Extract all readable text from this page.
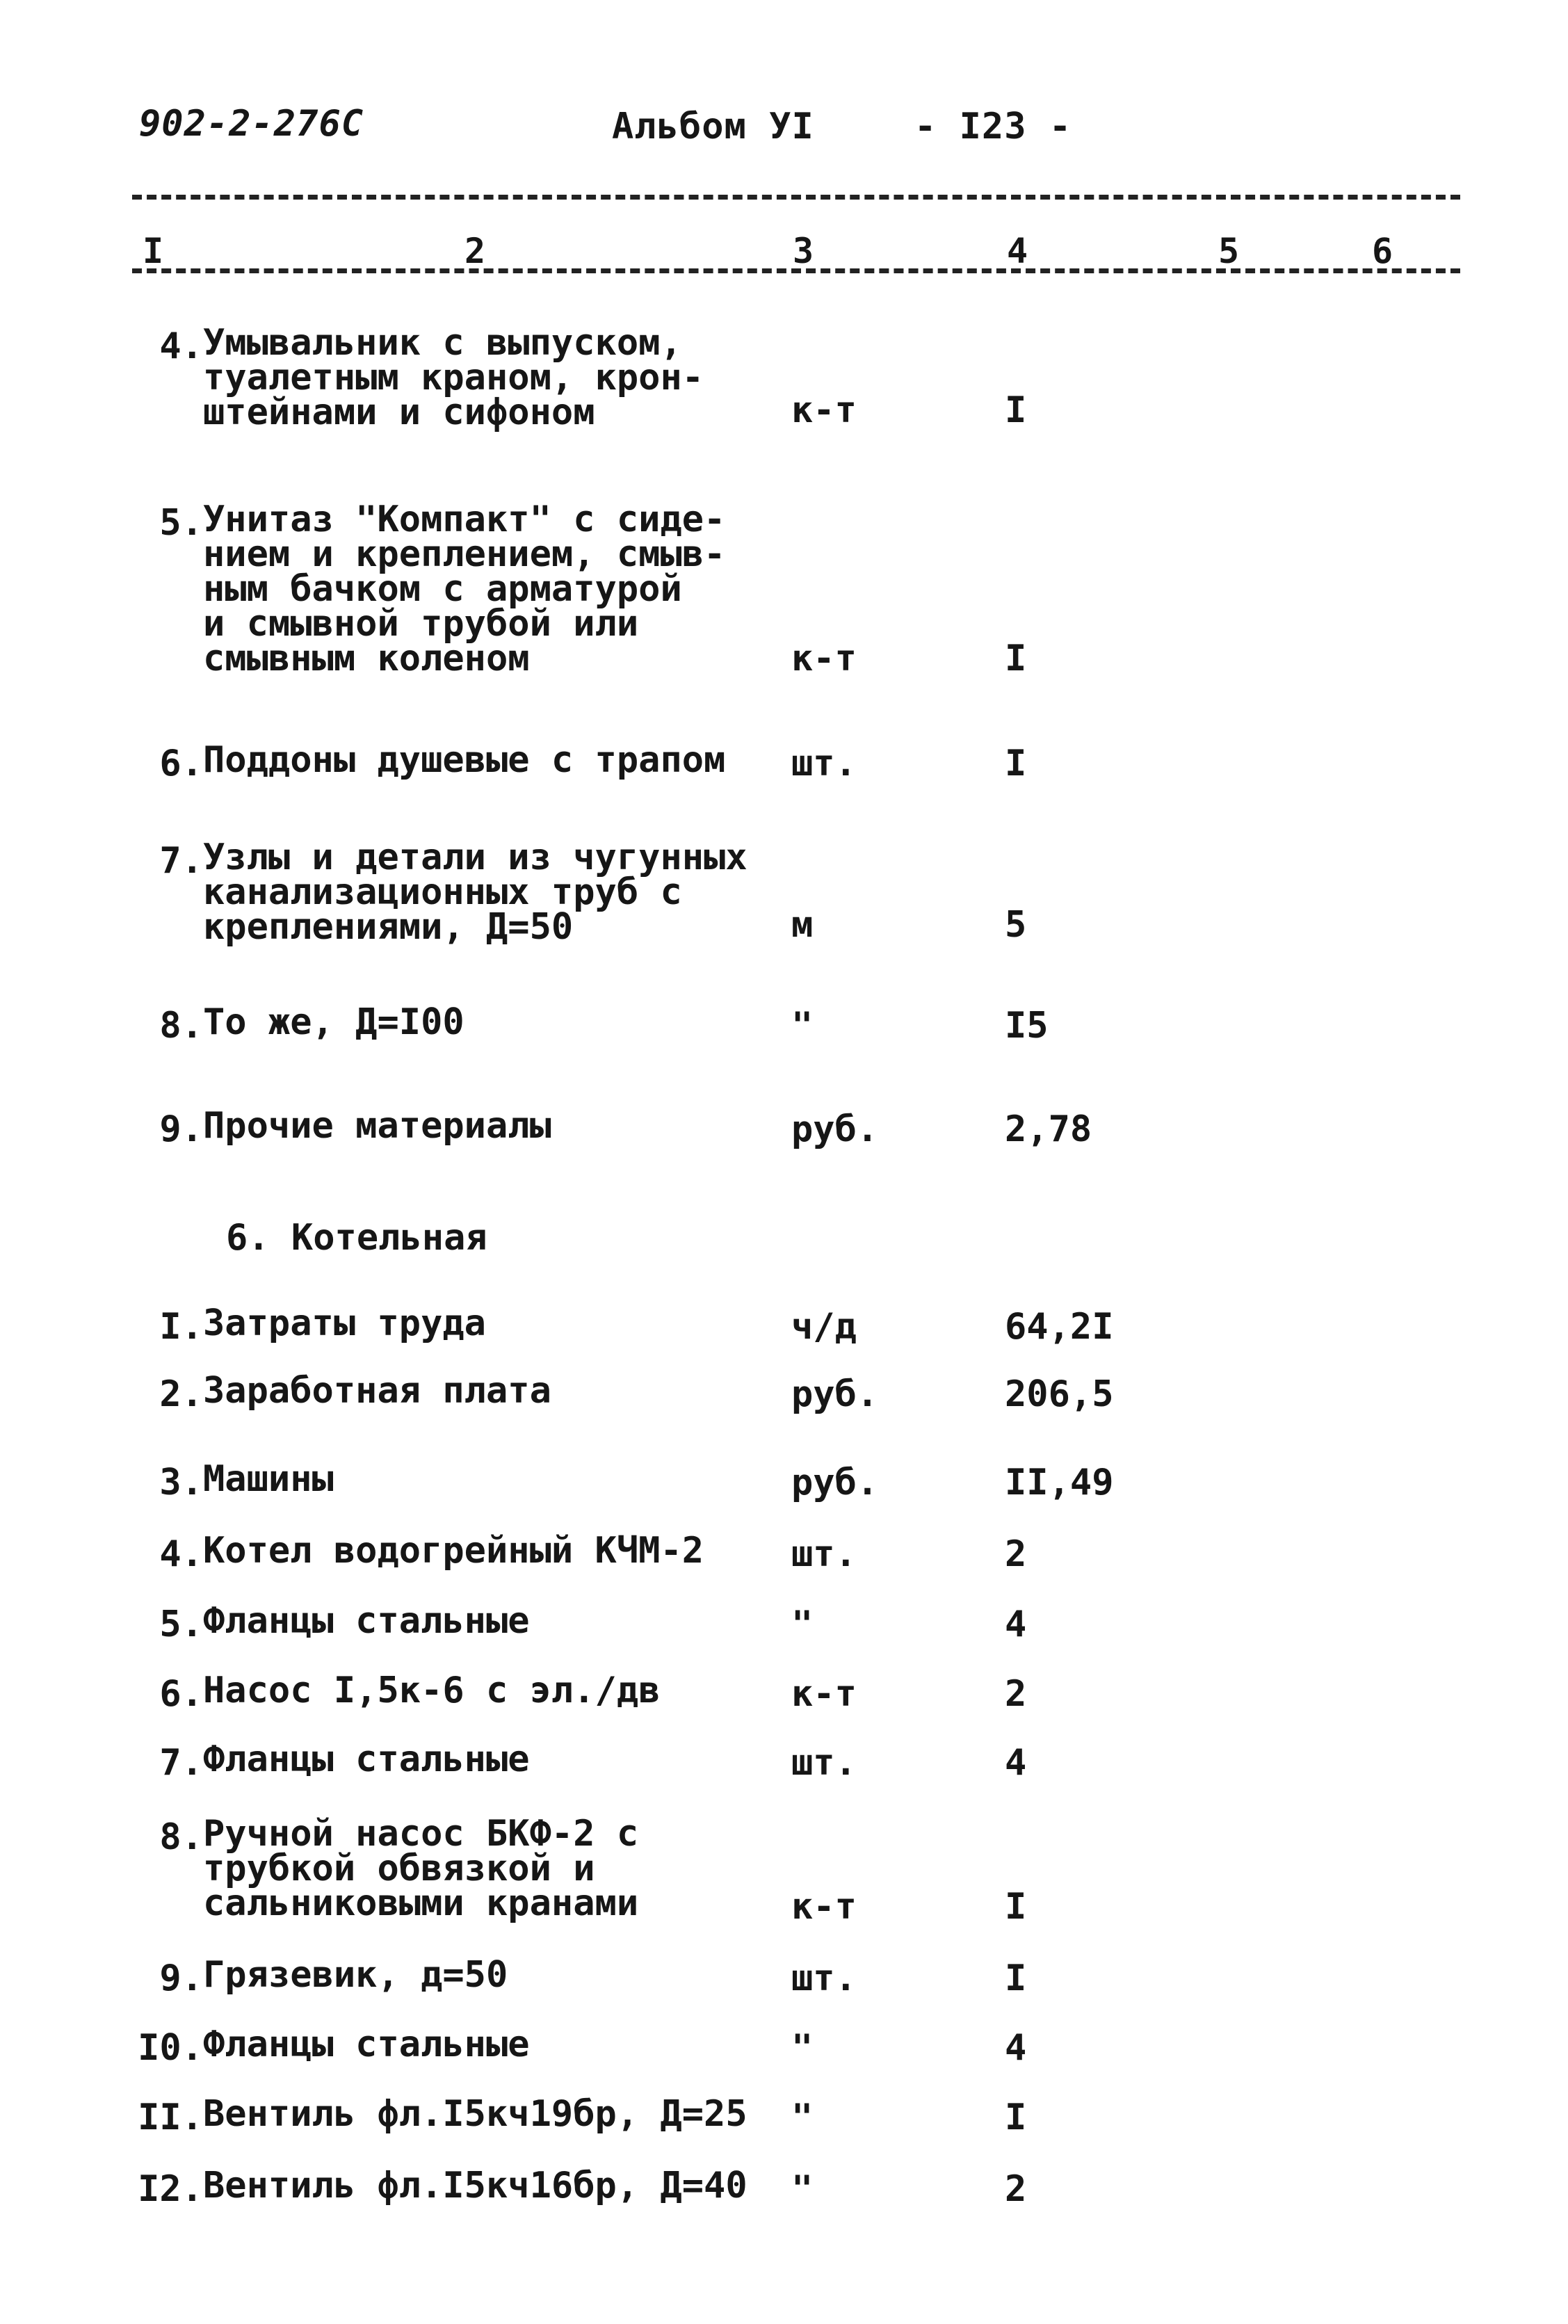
902-2-276С	Альбом УI	- I23 -
I	2	3	4	5	6
4. Умывальник с выпуском,
туалетным краном, крон-
штейнами и сифоном	к-т	I
5. Унитаз "Компакт" с сиде-
нием и креплением, смыв-
ным бачком с арматурой
и смывной трубой или
смывным коленом	к-т	I
6. Поддоны душевые с трапом	шт.	I
7. Узлы и детали из чугунных
канализационных труб с
креплениями, Д=50	м	5
8. То же, Д=I00	"	I5
9. Прочие материалы	руб.	2,78
6. Котельная
I. Затраты труда	ч/д	64,2I
2. Заработная плата	руб.	206,5
3. Машины	руб.	II,49
4. Котел водогрейный КЧМ-2	шт.	2
5. Фланцы стальные	"	4
6. Насос I,5к-6 с эл./дв	к-т	2
7. Фланцы стальные	шт.	4
8. Ручной насос БКФ-2 с
трубкой обвязкой и
сальниковыми кранами	к-т	I
9. Грязевик, д=50	шт.	I
I0. Фланцы стальные	"	4
II. Вентиль фл.I5кч19бр, Д=25	"	I
I2. Вентиль фл.I5кч16бр, Д=40	"	2
